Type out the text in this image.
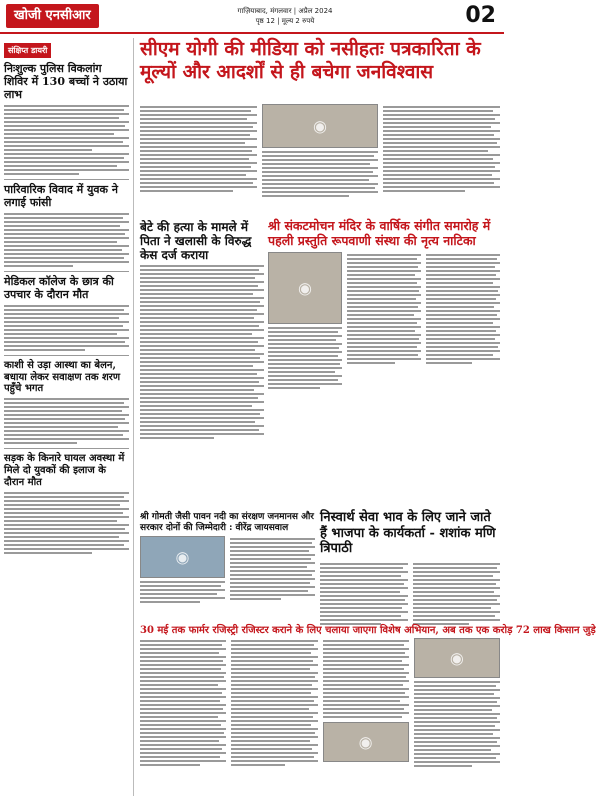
खोजी एनसीआर	गाज़ियाबाद, मंगलवार | अप्रैल 2024
पृष्ठ 12 | मूल्य 2 रुपये	02
संक्षिप्त डायरी
निःशुल्क पुलिस विकलांग शिविर में 130 बच्चों ने उठाया लाभ
पारिवारिक विवाद में युवक ने लगाई फांसी
मेडिकल कॉलेज के छात्र की उपचार के दौरान मौत
काशी से उड़ा आस्था का बेलन, बधाया लेकर सवाक्षण तक शरण पहुँचे भगत
सड़क के किनारे घायल अवस्था में मिले दो युवकों की इलाज के दौरान मौत
सीएम योगी की मीडिया को नसीहतः पत्रकारिता के मूल्यों और आदर्शों से ही बचेगा जनविश्वास
◉
बेटे की हत्या के मामले में पिता ने खलासी के विरुद्ध केस दर्ज कराया
श्री संकटमोचन मंदिर के वार्षिक संगीत समारोह में पहली प्रस्तुति रूपवाणी संस्था की नृत्य नाटिका
◉
श्री गोमती जैसी पावन नदी का संरक्षण जनमानस और सरकार दोनों की जिम्मेदारी : वीरेंद्र जायसवाल
◉
निस्वार्थ सेवा भाव के लिए जाने जाते हैं भाजपा के कार्यकर्ता - शशांक मणि त्रिपाठी
30 मई तक फार्मर रजिस्ट्री रजिस्टर कराने के लिए चलाया जाएगा विशेष अभियान, अब तक एक करोड़ 72 लाख किसान जुड़े
◉
◉
